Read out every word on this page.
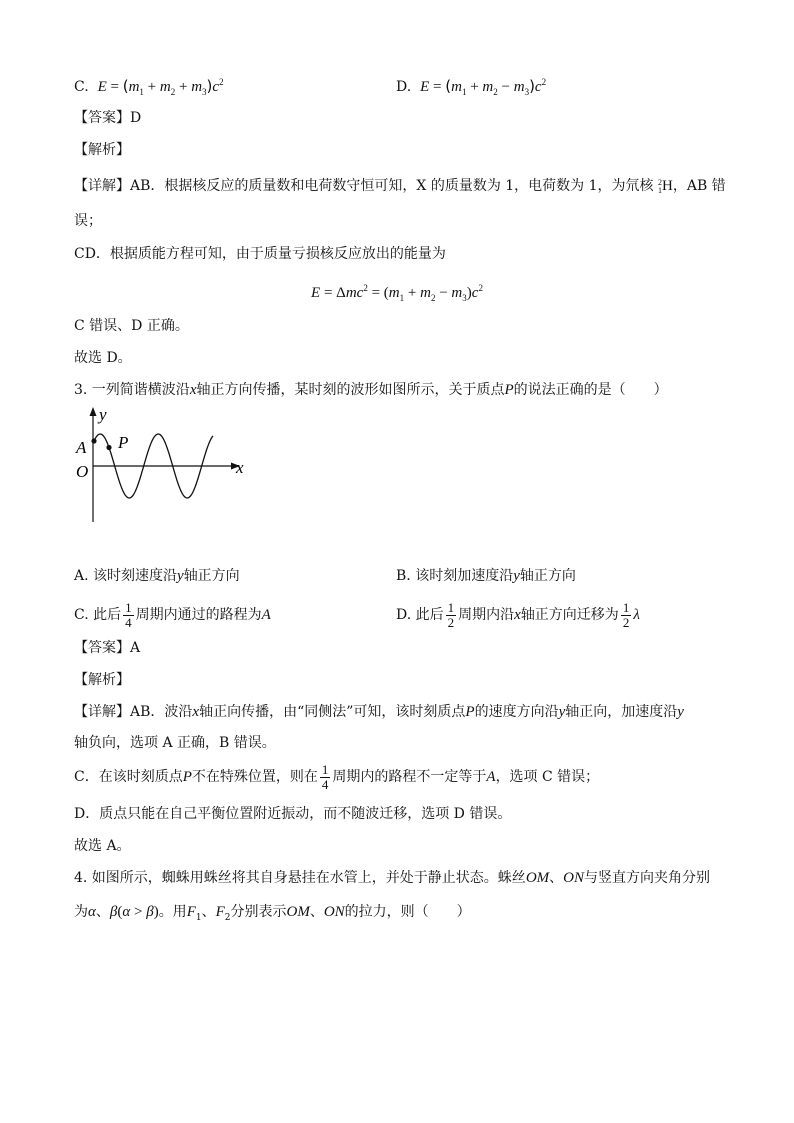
C. $E = (m_1 + m_2 + m_3)c^2$	D. $E = (m_1 + m_2 - m_3)c^2$
【答案】D
【解析】
【详解】AB．根据核反应的质量数和电荷数守恒可知，X 的质量数为 1，电荷数为 1，为氘核 2
1H，AB 错
误；
CD．根据质能方程可知，由于质量亏损核反应放出的能量为
$E = \Delta mc^2 = (m_1 + m_2 - m_3)c^2$
C 错误、D 正确。
故选 D。
3. 一列简谐横波沿x轴正方向传播，某时刻的波形如图所示，关于质点P的说法正确的是（　　）
y
x
O
A P
A. 该时刻速度沿y轴正方向	B. 该时刻加速度沿y轴正方向
C. 此后 $\frac{1}{4}$ 周期内通过的路程为A	D. 此后 $\frac{1}{2}$ 周期内沿x轴正方向迁移为 $\frac{1}{2}$ λ
【答案】A
【解析】
【详解】AB．波沿x轴正向传播，由“同侧法”可知，该时刻质点P的速度方向沿y轴正向，加速度沿y
轴负向，选项 A 正确，B 错误。
C．在该时刻质点P不在特殊位置，则在 $\frac{1}{4}$ 周期内的路程不一定等于A，选项 C 错误；
D．质点只能在自己平衡位置附近振动，而不随波迁移，选项 D 错误。
故选 A。
4. 如图所示，蜘蛛用蛛丝将其自身悬挂在水管上，并处于静止状态。蛛丝OM、ON与竖直方向夹角分别
为α、β(α > β)。用$F_1$、$F_2$分别表示OM、ON的拉力，则（　　）
